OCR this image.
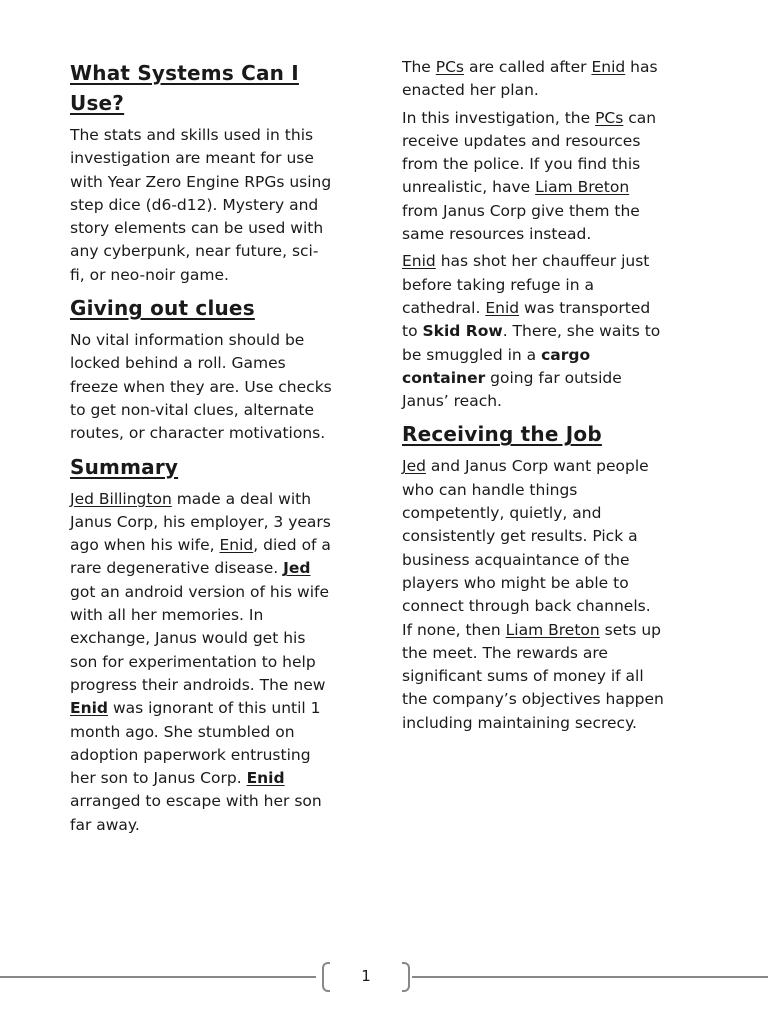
What Systems Can I Use?

The stats and skills used in this investigation are meant for use with Year Zero Engine RPGs using step dice (d6-d12). Mystery and story elements can be used with any cyberpunk, near future, sci-fi, or neo-noir game.

Giving out clues

No vital information should be locked behind a roll. Games freeze when they are. Use checks to get non-vital clues, alternate routes, or character motivations.

Summary

Jed Billington made a deal with Janus Corp, his employer, 3 years ago when his wife, Enid, died of a rare degenerative disease. Jed got an android version of his wife with all her memories. In exchange, Janus would get his son for experimentation to help progress their androids. The new Enid was ignorant of this until 1 month ago. She stumbled on adoption paperwork entrusting her son to Janus Corp. Enid arranged to escape with her son far away.

The PCs are called after Enid has enacted her plan.

In this investigation, the PCs can receive updates and resources from the police. If you find this unrealistic, have Liam Breton from Janus Corp give them the same resources instead.

Enid has shot her chauffeur just before taking refuge in a cathedral. Enid was transported to Skid Row. There, she waits to be smuggled in a cargo container going far outside Janus’ reach.

Receiving the Job

Jed and Janus Corp want people who can handle things competently, quietly, and consistently get results. Pick a business acquaintance of the players who might be able to connect through back channels. If none, then Liam Breton sets up the meet. The rewards are significant sums of money if all the company’s objectives happen including maintaining secrecy.

1
